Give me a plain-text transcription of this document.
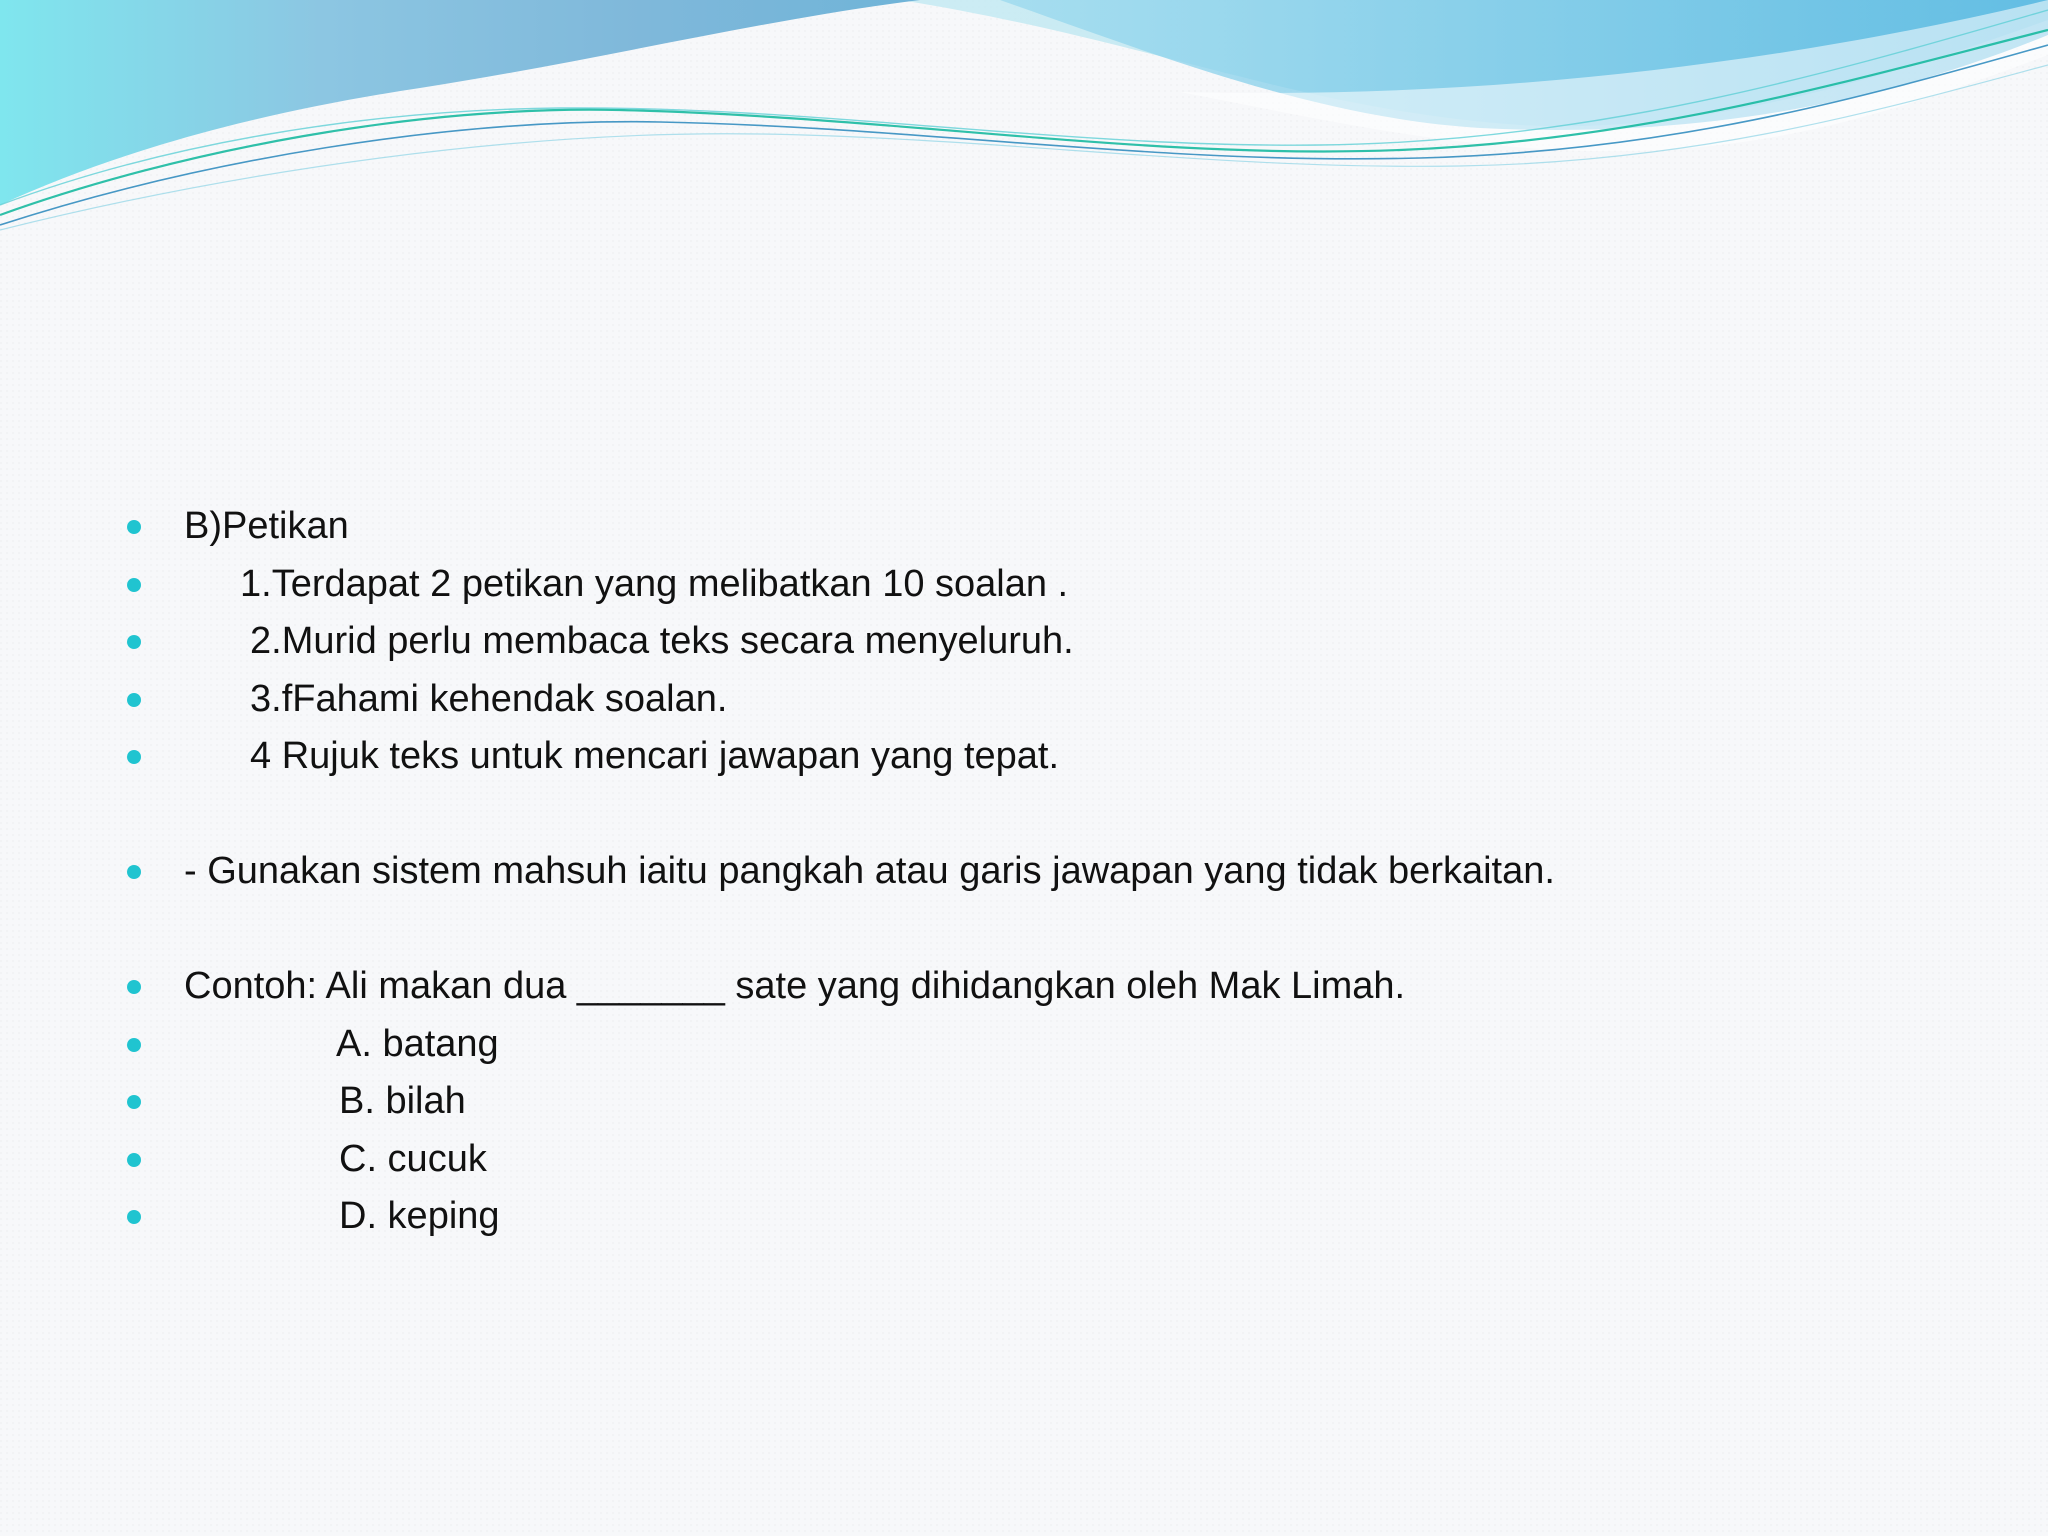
B)Petikan

1.Terdapat 2 petikan yang melibatkan 10 soalan .

2.Murid perlu membaca teks secara menyeluruh.

3.fFahami kehendak soalan.

4 Rujuk teks untuk mencari jawapan yang tepat.

- Gunakan sistem mahsuh iaitu pangkah atau garis jawapan yang tidak berkaitan.

Contoh: Ali makan dua _______ sate yang dihidangkan oleh Mak Limah.

A. batang

B. bilah

C. cucuk

D. keping
